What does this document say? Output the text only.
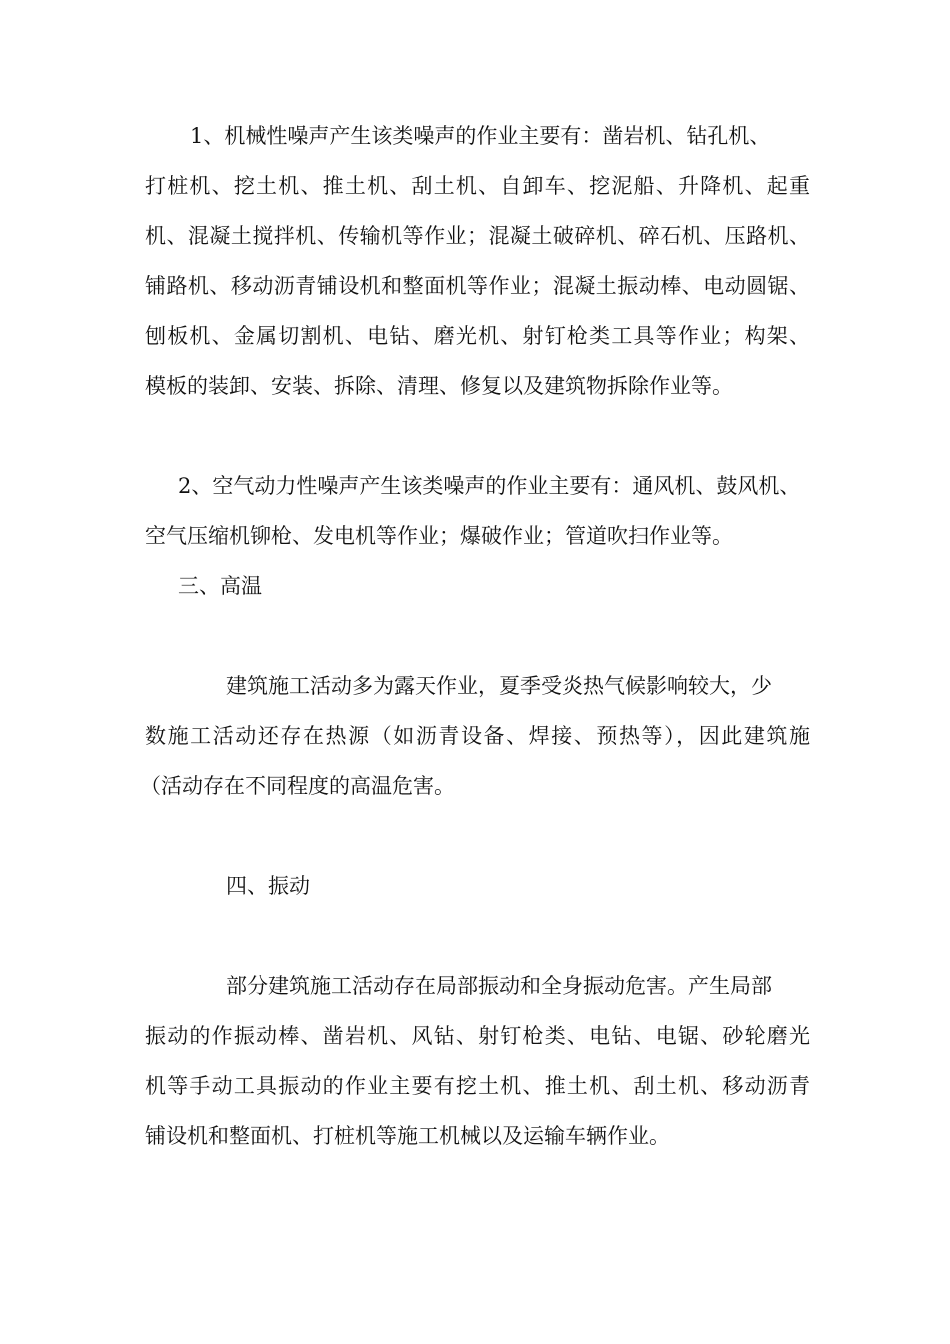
1、机械性噪声产生该类噪声的作业主要有：凿岩机、钻孔机、
打桩机、挖土机、推土机、刮土机、自卸车、挖泥船、升降机、起重
机、混凝土搅拌机、传输机等作业；混凝土破碎机、碎石机、压路机、
铺路机、移动沥青铺设机和整面机等作业；混凝土振动棒、电动圆锯、
刨板机、金属切割机、电钻、磨光机、射钉枪类工具等作业；构架、
模板的装卸、安装、拆除、清理、修复以及建筑物拆除作业等。
2、空气动力性噪声产生该类噪声的作业主要有：通风机、鼓风机、
空气压缩机铆枪、发电机等作业；爆破作业；管道吹扫作业等。
三、高温
建筑施工活动多为露天作业，夏季受炎热气候影响较大，少
数施工活动还存在热源（如沥青设备、焊接、预热等），因此建筑施
（活动存在不同程度的高温危害。
四、振动
部分建筑施工活动存在局部振动和全身振动危害。产生局部
振动的作振动棒、凿岩机、风钻、射钉枪类、电钻、电锯、砂轮磨光
机等手动工具振动的作业主要有挖土机、推土机、刮土机、移动沥青
铺设机和整面机、打桩机等施工机械以及运输车辆作业。
